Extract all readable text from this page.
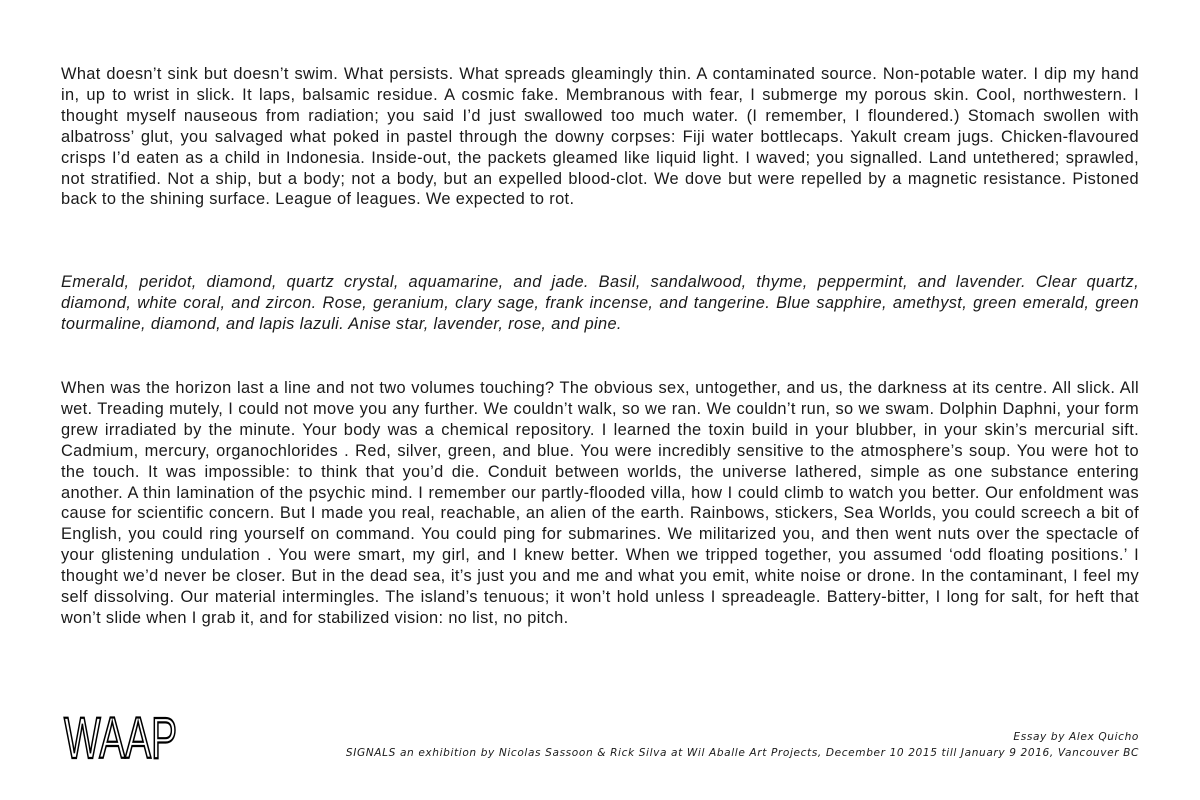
What doesn’t sink but doesn’t swim. What persists. What spreads gleamingly thin. A contaminated source. Non-potable water. I dip my hand in, up to wrist in slick. It laps, balsamic residue. A cosmic fake. Membranous with fear, I submerge my porous skin. Cool, northwestern. I thought myself nauseous from radiation; you said I’d just swallowed too much water. (I remember, I floundered.) Stomach swollen with albatross’ glut, you salvaged what poked in pastel through the downy corpses: Fiji water bottlecaps. Yakult cream jugs. Chicken-flavoured crisps I’d eaten as a child in Indonesia. Inside-out, the packets gleamed like liquid light. I waved; you signalled. Land untethered; sprawled, not stratified. Not a ship, but a body; not a body, but an expelled blood-clot. We dove but were repelled by a magnetic resistance. Pistoned back to the shining surface. League of leagues. We expected to rot.

Emerald, peridot, diamond, quartz crystal, aquamarine, and jade. Basil, sandalwood, thyme, peppermint, and lavender. Clear quartz, diamond, white coral, and zircon. Rose, geranium, clary sage, frank incense, and tangerine. Blue sapphire, amethyst, green emerald, green tourmaline, diamond, and lapis lazuli. Anise star, lavender, rose, and pine.

When was the horizon last a line and not two volumes touching? The obvious sex, untogether, and us, the darkness at its centre. All slick. All wet. Treading mutely, I could not move you any further. We couldn’t walk, so we ran. We couldn’t run, so we swam. Dolphin Daphni, your form grew irradiated by the minute. Your body was a chemical repository. I learned the toxin build in your blubber, in your skin’s mercurial sift. Cadmium, mercury, organochlorides . Red, silver, green, and blue. You were incredibly sensitive to the atmosphere’s soup. You were hot to the touch. It was impossible: to think that you’d die. Conduit between worlds, the universe lathered, simple as one substance entering another. A thin lamination of the psychic mind. I remember our partly-flooded villa, how I could climb to watch you better. Our enfoldment was cause for scientific concern. But I made you real, reachable, an alien of the earth. Rainbows, stickers, Sea Worlds, you could screech a bit of English, you could ring yourself on command. You could ping for submarines. We militarized you, and then went nuts over the spectacle of your glistening undulation . You were smart, my girl, and I knew better. When we tripped together, you assumed ‘odd floating positions.’ I thought we’d never be closer. But in the dead sea, it’s just you and me and what you emit, white noise or drone. In the contaminant, I feel my self dissolving. Our material intermingles. The island’s tenuous; it won’t hold unless I spreadeagle. Battery-bitter, I long for salt, for heft that won’t slide when I grab it, and for stabilized vision: no list, no pitch.

WAAP	Essay by Alex Quicho
SIGNALS an exhibition by Nicolas Sassoon & Rick Silva at Wil Aballe Art Projects, December 10 2015 till January 9 2016, Vancouver BC
